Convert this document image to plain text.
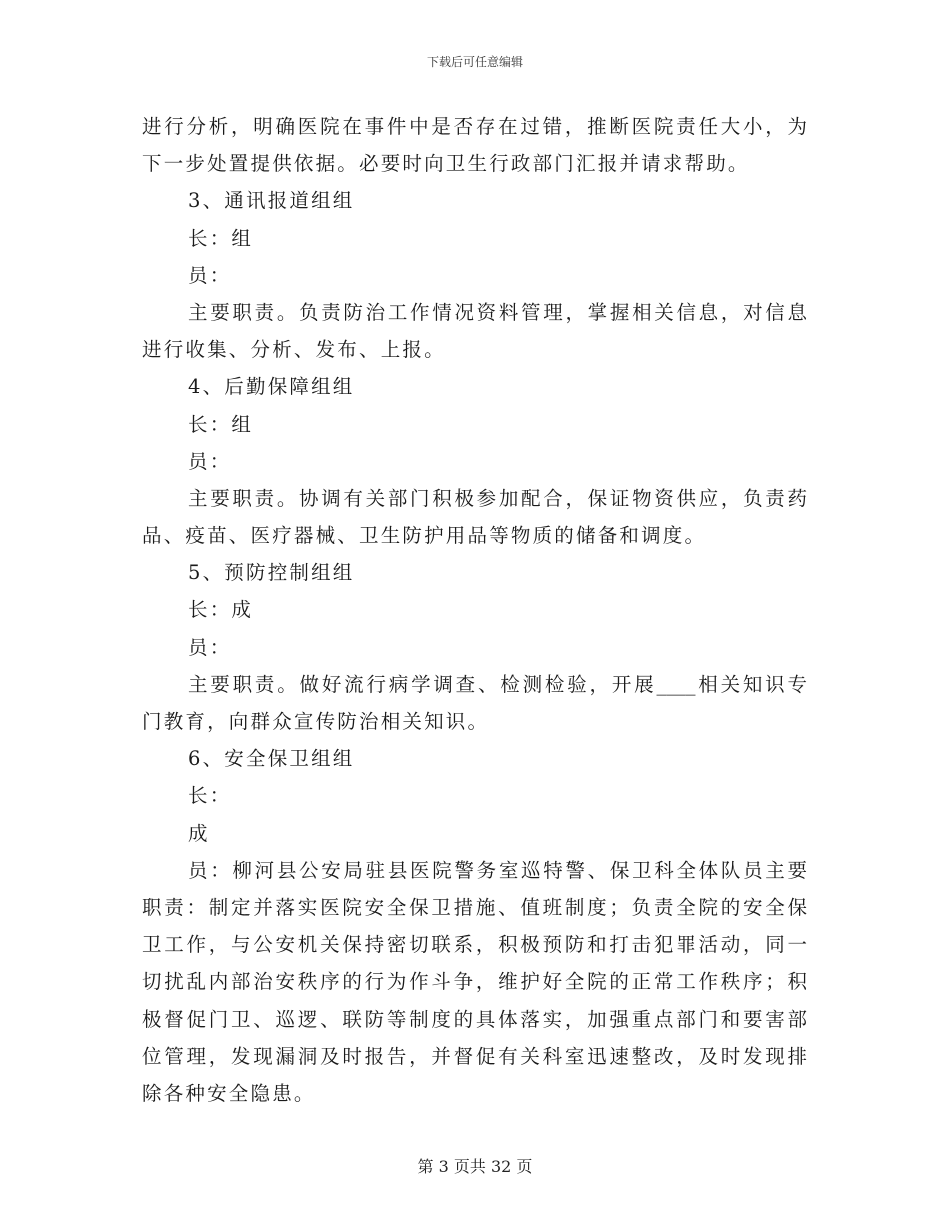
下载后可任意编辑
进行分析，明确医院在事件中是否存在过错，推断医院责任大小，为
下一步处置提供依据。必要时向卫生行政部门汇报并请求帮助。
3、通讯报道组组
长：组
员：
主要职责。负责防治工作情况资料管理，掌握相关信息，对信息
进行收集、分析、发布、上报。
4、后勤保障组组
长：组
员：
主要职责。协调有关部门积极参加配合，保证物资供应，负责药
品、疫苗、医疗器械、卫生防护用品等物质的储备和调度。
5、预防控制组组
长：成
员：
主要职责。做好流行病学调查、检测检验，开展____相关知识专
门教育，向群众宣传防治相关知识。
6、安全保卫组组
长：
成
员：柳河县公安局驻县医院警务室巡特警、保卫科全体队员主要
职责：制定并落实医院安全保卫措施、值班制度；负责全院的安全保
卫工作，与公安机关保持密切联系，积极预防和打击犯罪活动，同一
切扰乱内部治安秩序的行为作斗争，维护好全院的正常工作秩序；积
极督促门卫、巡逻、联防等制度的具体落实，加强重点部门和要害部
位管理，发现漏洞及时报告，并督促有关科室迅速整改，及时发现排
除各种安全隐患。
第 3 页共 32 页
